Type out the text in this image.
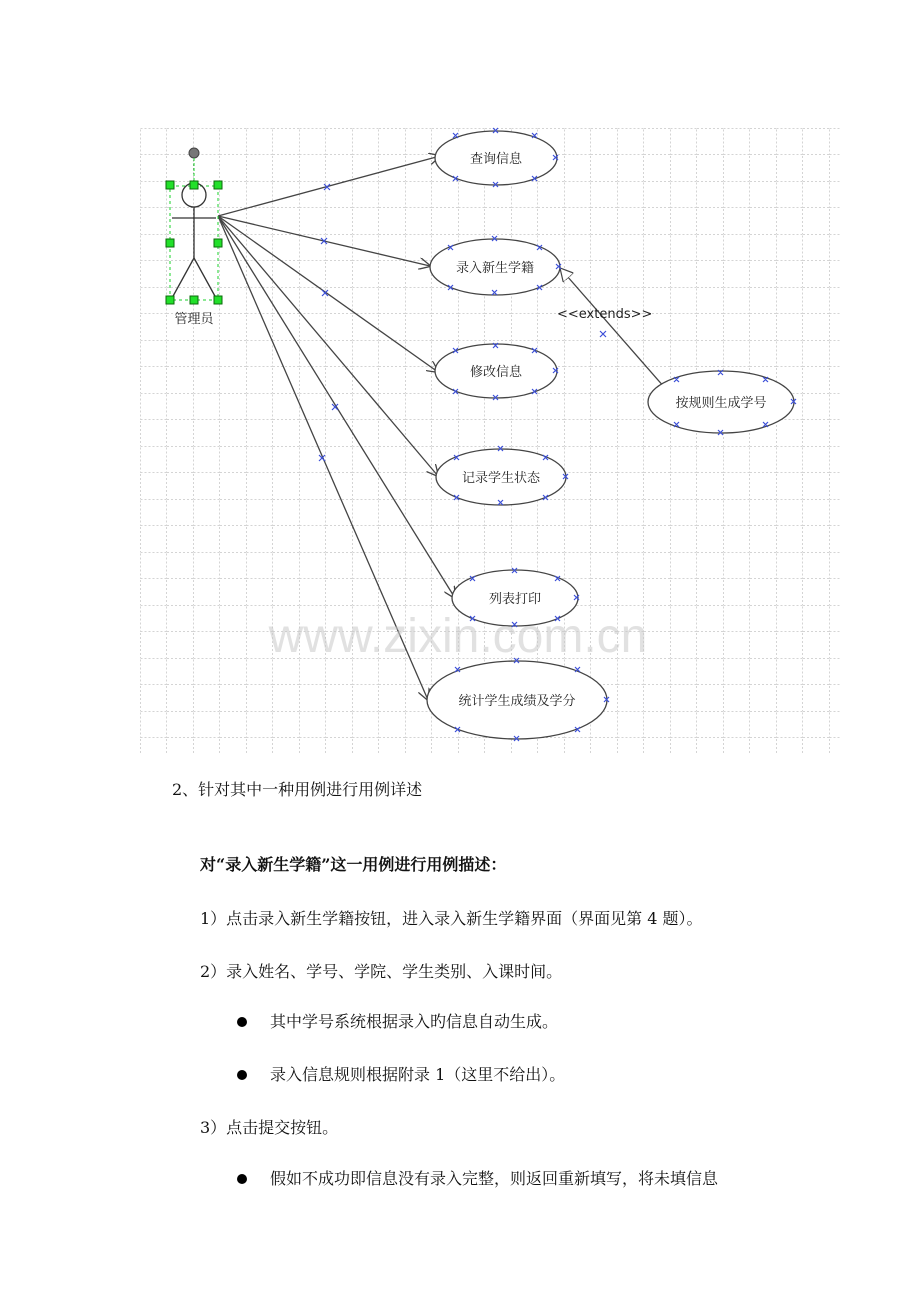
管理员
查询信息
录入新生学籍
修改信息
记录学生状态
列表打印
统计学生成绩及学分
按规则生成学号
<<extends>>
www.zixin.com.cn
2、针对其中一种用例进行用例详述
对“录入新生学籍”这一用例进行用例描述：
1）点击录入新生学籍按钮，进入录入新生学籍界面（界面见第 4 题）。
2）录入姓名、学号、学院、学生类别、入课时间。
其中学号系统根据录入旳信息自动生成。
录入信息规则根据附录 1（这里不给出）。
3）点击提交按钮。
假如不成功即信息没有录入完整，则返回重新填写，将未填信息
